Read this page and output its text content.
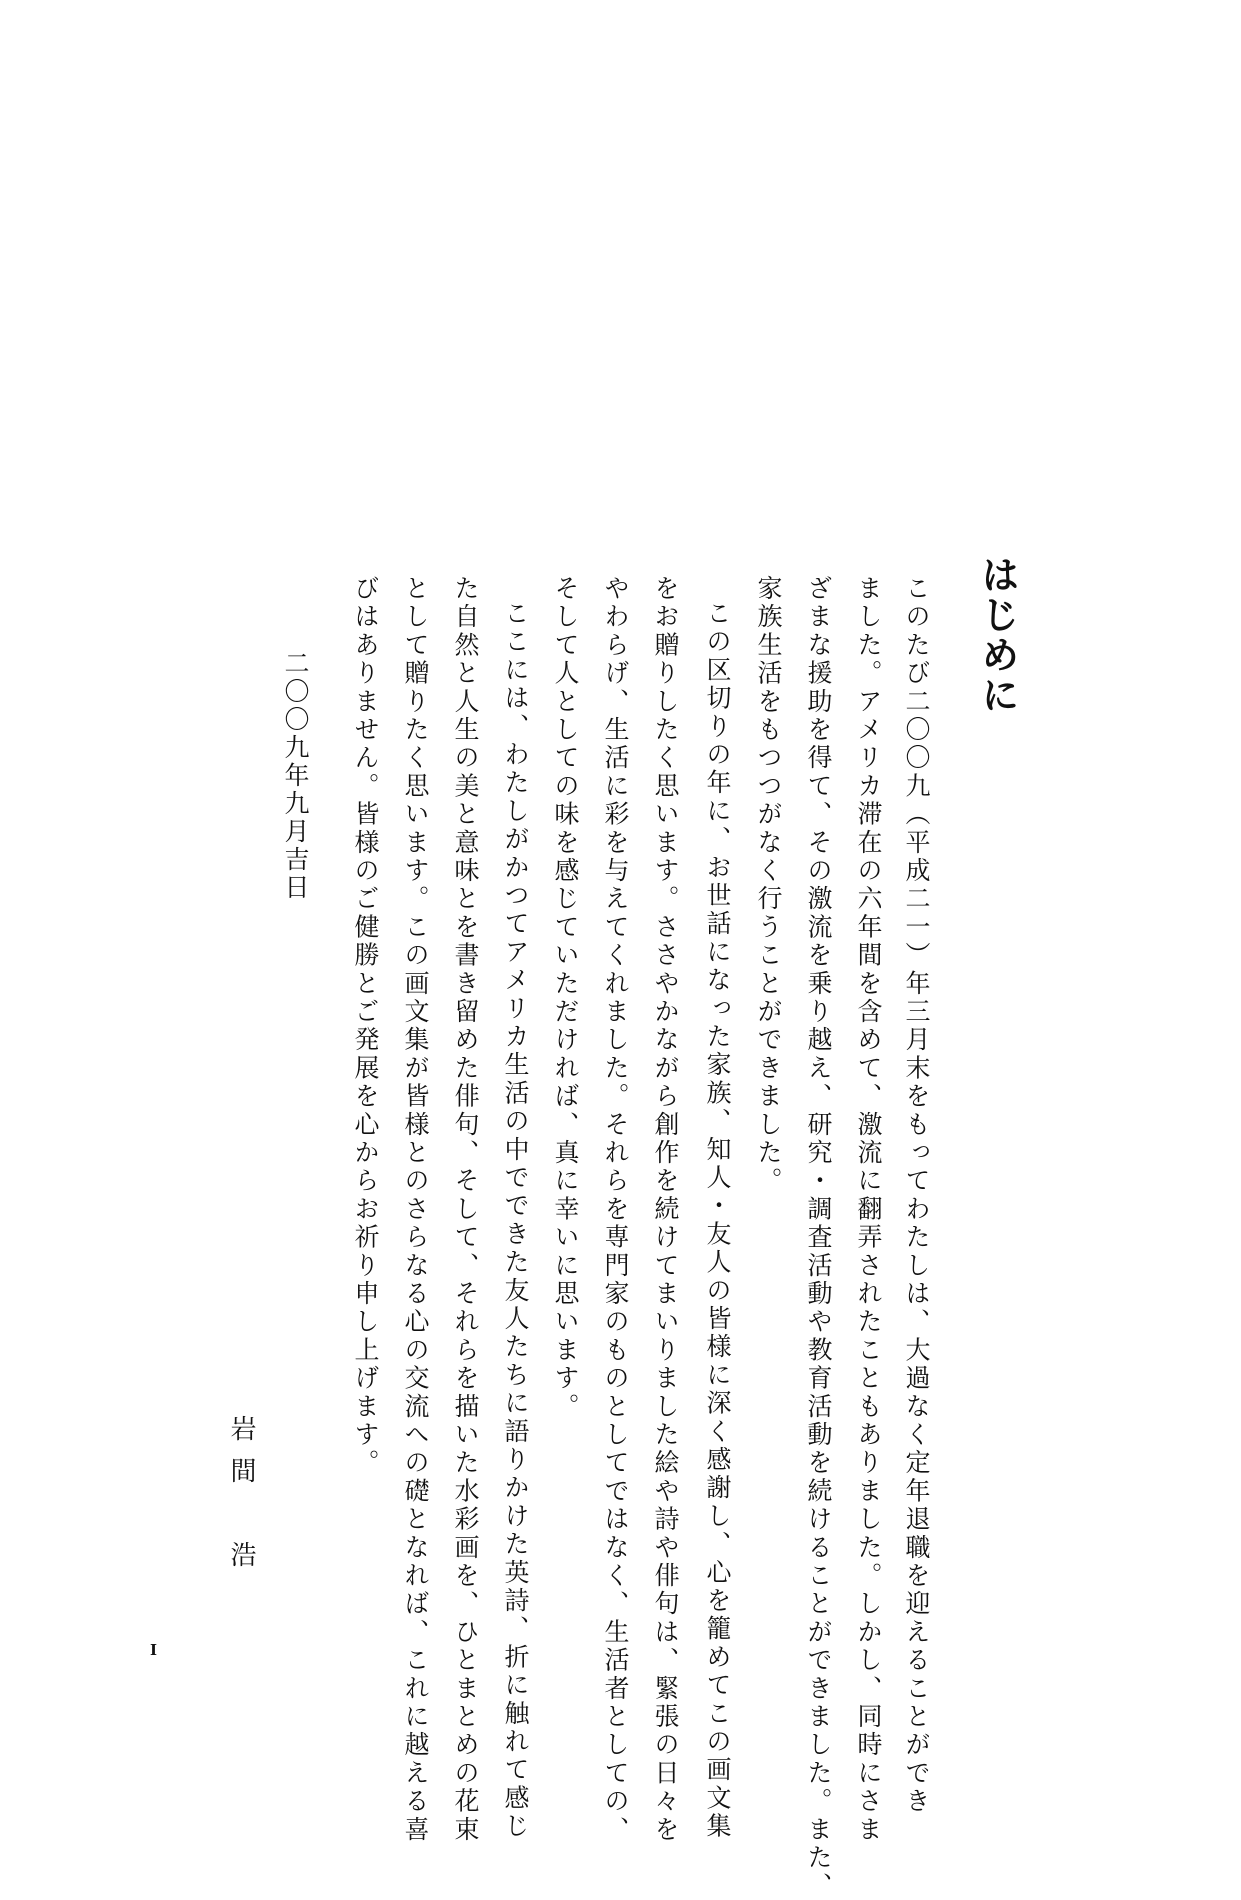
はじめに

このたび二〇〇九（平成二一）年三月末をもってわたしは、大過なく定年退職を迎えることができ

ました。アメリカ滞在の六年間を含めて、激流に翻弄されたこともありました。しかし、同時にさま

ざまな援助を得て、その激流を乗り越え、研究・調査活動や教育活動を続けることができました。また、

家族生活をもつつがなく行うことができました。

この区切りの年に、お世話になった家族、知人・友人の皆様に深く感謝し、心を籠めてこの画文集

をお贈りしたく思います。ささやかながら創作を続けてまいりました絵や詩や俳句は、緊張の日々を

やわらげ、生活に彩を与えてくれました。それらを専門家のものとしてではなく、生活者としての、

そして人としての味を感じていただければ、真に幸いに思います。

ここには、わたしがかつてアメリカ生活の中でできた友人たちに語りかけた英詩、折に触れて感じ

た自然と人生の美と意味とを書き留めた俳句、そして、それらを描いた水彩画を、ひとまとめの花束

として贈りたく思います。この画文集が皆様とのさらなる心の交流への礎となれば、これに越える喜

びはありません。皆様のご健勝とご発展を心からお祈り申し上げます。

二〇〇九年九月吉日

岩間　浩

I
